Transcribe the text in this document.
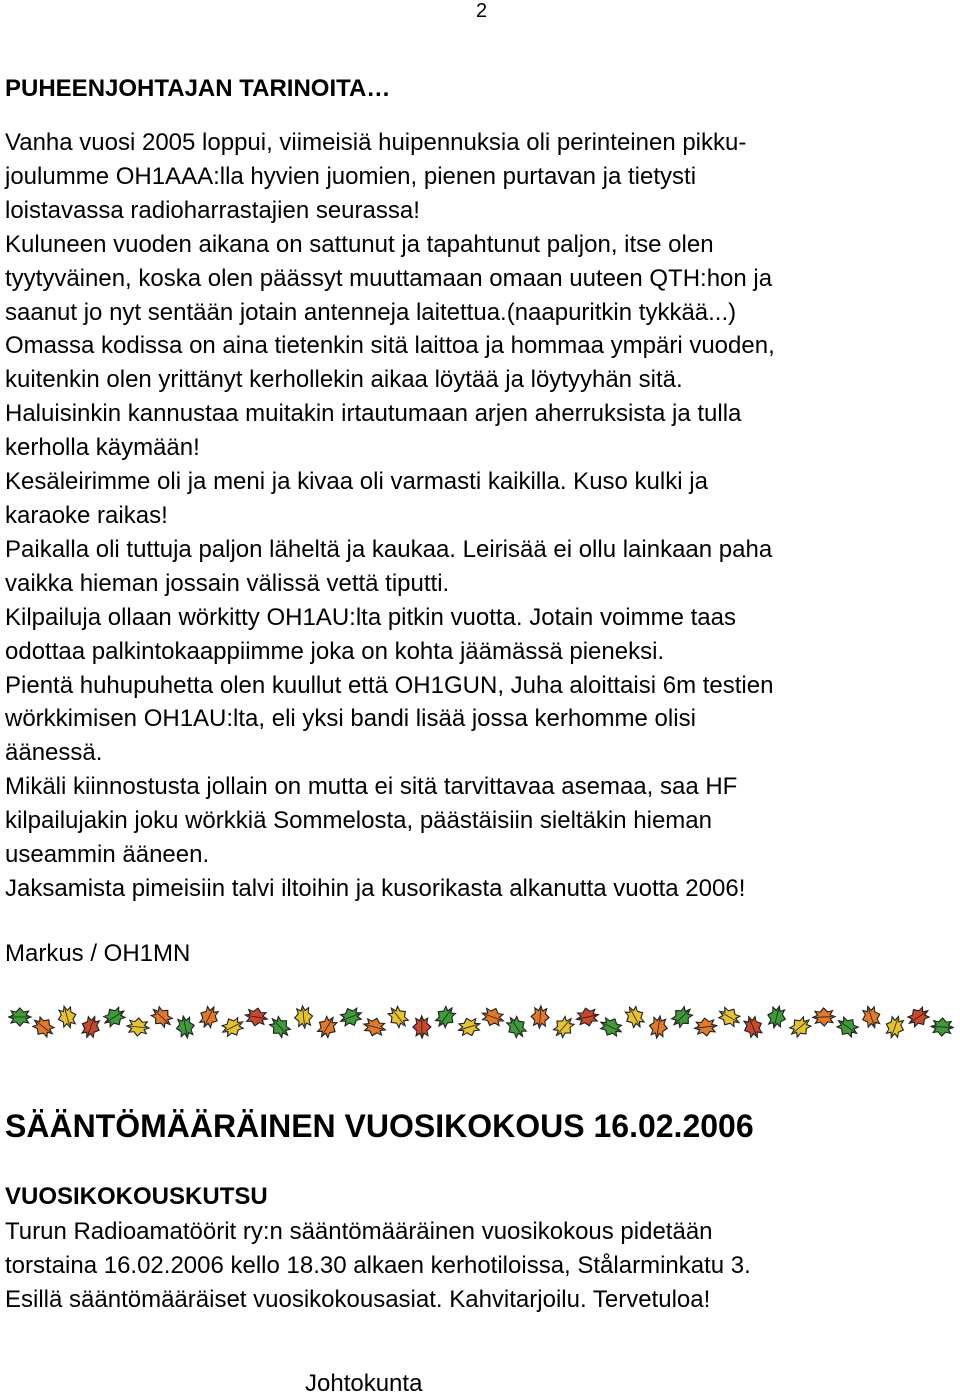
2
PUHEENJOHTAJAN TARINOITA…
Vanha vuosi 2005 loppui, viimeisiä huipennuksia oli perinteinen pikku-
joulumme OH1AAA:lla hyvien juomien, pienen purtavan ja tietysti
loistavassa radioharrastajien seurassa!
Kuluneen vuoden aikana on sattunut ja tapahtunut paljon, itse olen
tyytyväinen, koska olen päässyt muuttamaan omaan uuteen QTH:hon ja
saanut jo nyt sentään jotain antenneja laitettua.(naapuritkin tykkää...)
Omassa kodissa on aina tietenkin sitä laittoa ja hommaa ympäri vuoden,
kuitenkin olen yrittänyt kerhollekin aikaa löytää ja löytyyhän sitä.
Haluisinkin kannustaa muitakin irtautumaan arjen aherruksista ja tulla
kerholla käymään!
Kesäleirimme oli ja meni ja kivaa oli varmasti kaikilla. Kuso kulki ja
karaoke raikas!
Paikalla oli tuttuja paljon läheltä ja kaukaa. Leirisää ei ollu lainkaan paha
vaikka hieman jossain välissä vettä tiputti.
Kilpailuja ollaan wörkitty OH1AU:lta pitkin vuotta. Jotain voimme taas
odottaa palkintokaappiimme joka on kohta jäämässä pieneksi.
Pientä huhupuhetta olen kuullut että OH1GUN, Juha aloittaisi 6m testien
wörkkimisen OH1AU:lta, eli yksi bandi lisää jossa kerhomme olisi
äänessä.
Mikäli kiinnostusta jollain on mutta ei sitä tarvittavaa asemaa, saa HF
kilpailujakin joku wörkkiä Sommelosta, päästäisiin sieltäkin hieman
useammin ääneen.
Jaksamista pimeisiin talvi iltoihin ja kusorikasta alkanutta vuotta 2006!
Markus / OH1MN
SÄÄNTÖMÄÄRÄINEN VUOSIKOKOUS 16.02.2006
VUOSIKOKOUSKUTSU
Turun Radioamatöörit ry:n sääntömääräinen vuosikokous pidetään
torstaina 16.02.2006 kello 18.30 alkaen kerhotiloissa, Stålarminkatu 3.
Esillä sääntömääräiset vuosikokousasiat. Kahvitarjoilu. Tervetuloa!
Johtokunta
